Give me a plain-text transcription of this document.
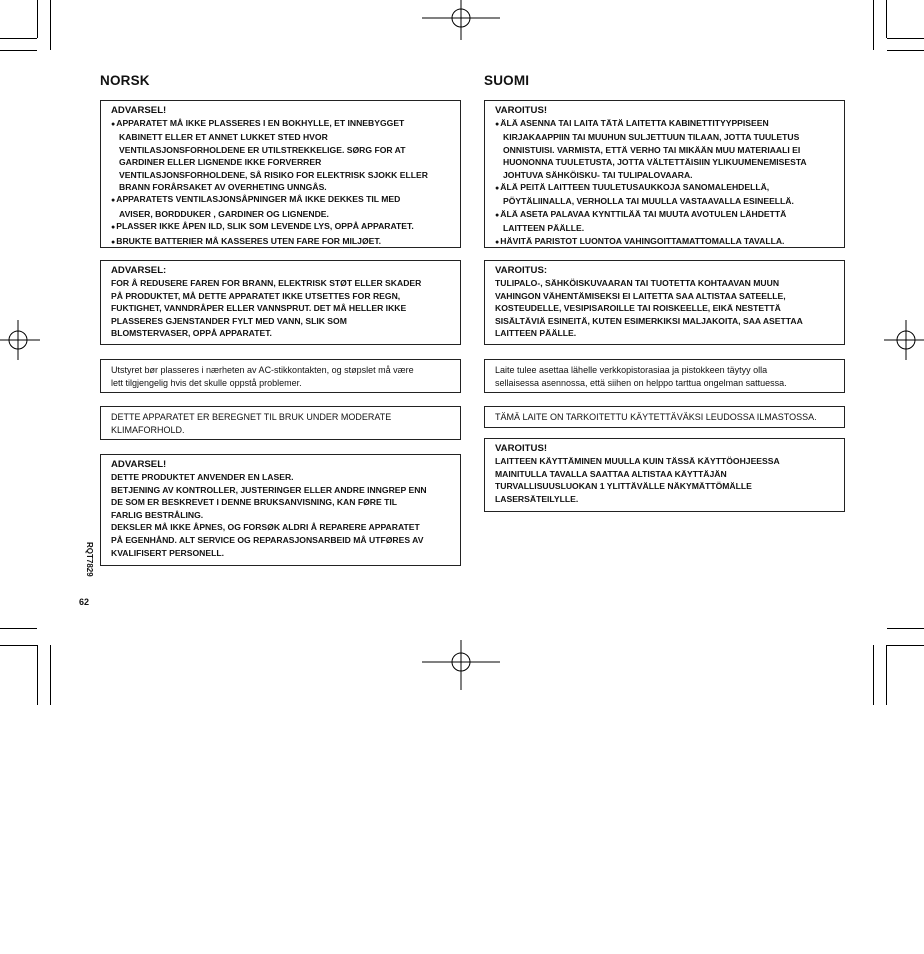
NORSK
ADVARSEL!
● APPARATET MÅ IKKE PLASSERES I EN BOKHYLLE, ET INNEBYGGET
KABINETT ELLER ET ANNET LUKKET STED HVOR
VENTILASJONSFORHOLDENE ER UTILSTREKKELIGE. SØRG FOR AT
GARDINER ELLER LIGNENDE IKKE FORVERRER
VENTILASJONSFORHOLDENE, SÅ RISIKO FOR ELEKTRISK SJOKK ELLER
BRANN FORÅRSAKET AV OVERHETING UNNGÅS.
● APPARATETS VENTILASJONSÅPNINGER MÅ IKKE DEKKES TIL MED
AVISER, BORDDUKER , GARDINER OG LIGNENDE.
● PLASSER IKKE ÅPEN ILD, SLIK SOM LEVENDE LYS, OPPÅ APPARATET.
● BRUKTE BATTERIER MÅ KASSERES UTEN FARE FOR MILJØET.
ADVARSEL:
FOR Å REDUSERE FAREN FOR BRANN, ELEKTRISK STØT ELLER SKADER
PÅ PRODUKTET, MÅ DETTE APPARATET IKKE UTSETTES FOR REGN,
FUKTIGHET, VANNDRÅPER ELLER VANNSPRUT. DET MÅ HELLER IKKE
PLASSERES GJENSTANDER FYLT MED VANN, SLIK SOM
BLOMSTERVASER, OPPÅ APPARATET.
Utstyret bør plasseres i nærheten av AC-stikkontakten, og støpslet må være
lett tilgjengelig hvis det skulle oppstå problemer.
DETTE APPARATET ER BEREGNET TIL BRUK UNDER MODERATE
KLIMAFORHOLD.
ADVARSEL!
DETTE PRODUKTET ANVENDER EN LASER.
BETJENING AV KONTROLLER, JUSTERINGER ELLER ANDRE INNGREP ENN
DE SOM ER BESKREVET I DENNE BRUKSANVISNING, KAN FØRE TIL
FARLIG BESTRÅLING.
DEKSLER MÅ IKKE ÅPNES, OG FORSØK ALDRI Å REPARERE APPARATET
PÅ EGENHÅND. ALT SERVICE OG REPARASJONSARBEID MÅ UTFØRES AV
KVALIFISERT PERSONELL.
SUOMI
VAROITUS!
● ÄLÄ ASENNA TAI LAITA TÄTÄ LAITETTA KABINETTITYYPPISEEN
KIRJAKAAPPIIN TAI MUUHUN SULJETTUUN TILAAN, JOTTA TUULETUS
ONNISTUISI. VARMISTA, ETTÄ VERHO TAI MIKÄÄN MUU MATERIAALI EI
HUONONNA TUULETUSTA, JOTTA VÄLTETTÄISIIN YLIKUUMENEMISESTA
JOHTUVA SÄHKÖISKU- TAI TULIPALOVAARA.
● ÄLÄ PEITÄ LAITTEEN TUULETUSAUKKOJA SANOMALEHDELLÄ,
PÖYTÄLIINALLA, VERHOLLA TAI MUULLA VASTAAVALLA ESINEELLÄ.
● ÄLÄ ASETA PALAVAA KYNTTILÄÄ TAI MUUTA AVOTULEN LÄHDETTÄ
LAITTEEN PÄÄLLE.
● HÄVITÄ PARISTOT LUONTOA VAHINGOITTAMATTOMALLA TAVALLA.
VAROITUS:
TULIPALO-, SÄHKÖISKUVAARAN TAI TUOTETTA KOHTAAVAN MUUN
VAHINGON VÄHENTÄMISEKSI EI LAITETTA SAA ALTISTAA SATEELLE,
KOSTEUDELLE, VESIPISAROILLE TAI ROISKEELLE, EIKÄ NESTETTÄ
SISÄLTÄVIÄ ESINEITÄ, KUTEN ESIMERKIKSI MALJAKOITA, SAA ASETTAA
LAITTEEN PÄÄLLE.
Laite tulee asettaa lähelle verkkopistorasiaa ja pistokkeen täytyy olla
sellaisessa asennossa, että siihen on helppo tarttua ongelman sattuessa.
TÄMÄ LAITE ON TARKOITETTU KÄYTETTÄVÄKSI LEUDOSSA ILMASTOSSA.
VAROITUS!
LAITTEEN KÄYTTÄMINEN MUULLA KUIN TÄSSÄ KÄYTTÖOHJEESSA
MAINITULLA TAVALLA SAATTAA ALTISTAA KÄYTTÄJÄN
TURVALLISUUSLUOKAN 1 YLITTÄVÄLLE NÄKYMÄTTÖMÄLLE
LASERSÄTEILYLLE.
RQT7829
62
